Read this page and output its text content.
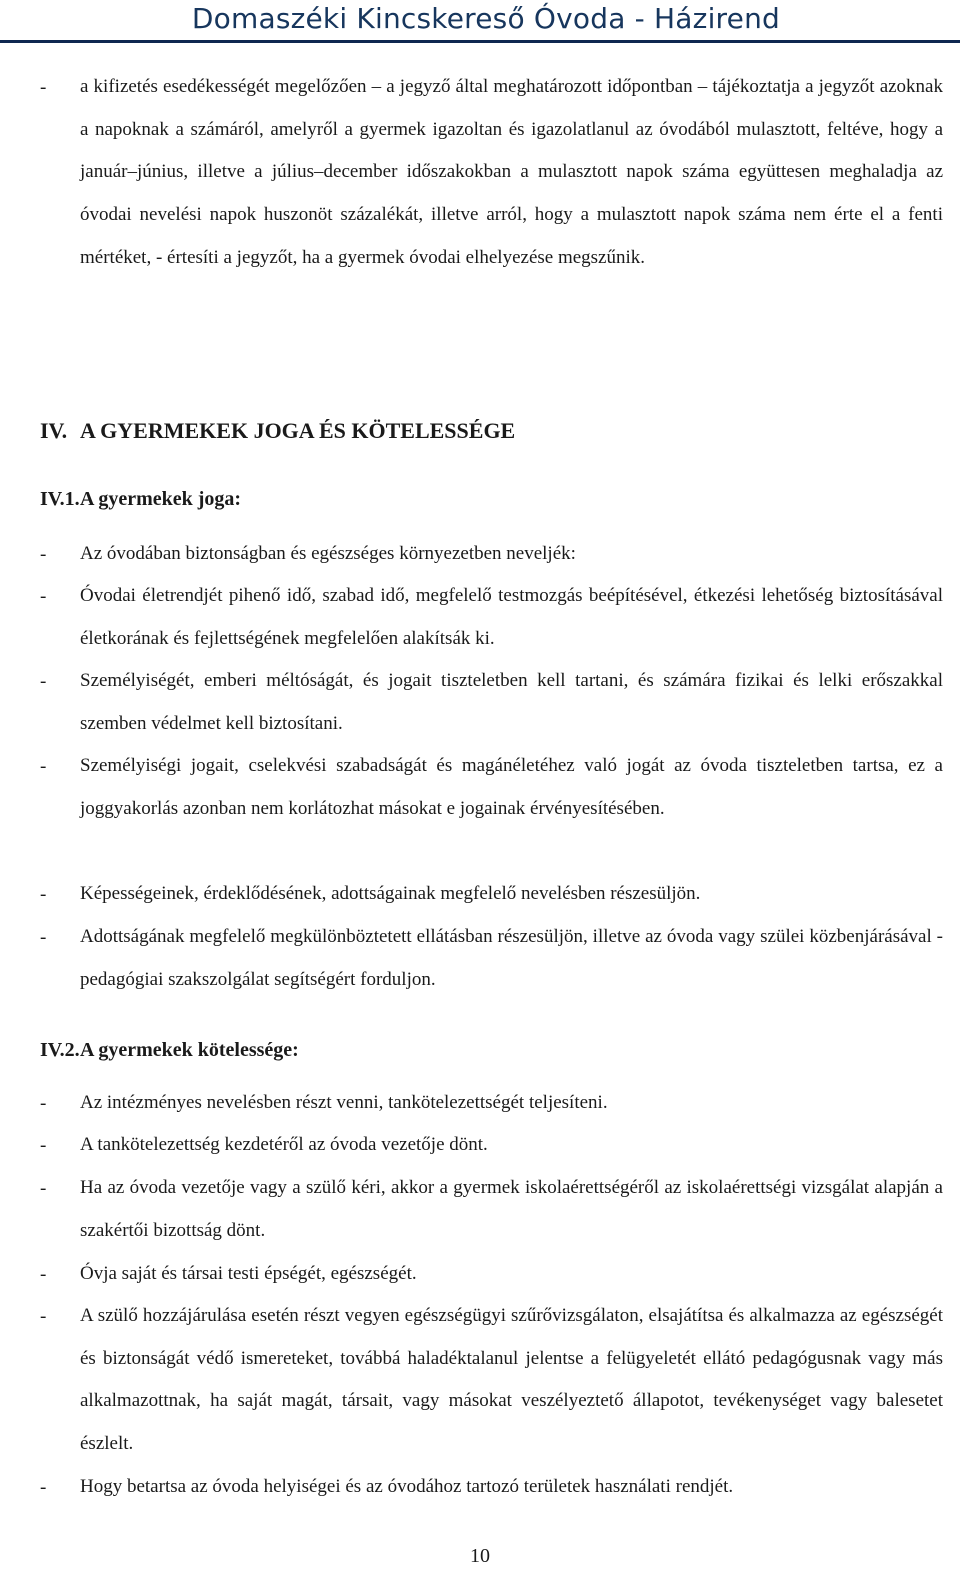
Domaszéki Kincskereső Óvoda - Házirend
- a kifizetés esedékességét megelőzően – a jegyző által meghatározott időpontban – tájékoztatja a jegyzőt azoknak a napoknak a számáról, amelyről a gyermek igazoltan és igazolatlanul az óvodából mulasztott, feltéve, hogy a január–június, illetve a július–december időszakokban a mulasztott napok száma együttesen meghaladja az óvodai nevelési napok huszonöt százalékát, illetve arról, hogy a mulasztott napok száma nem érte el a fenti mértéket, - értesíti a jegyzőt, ha a gyermek óvodai elhelyezése megszűnik.
IV. A GYERMEKEK JOGA ÉS KÖTELESSÉGE
IV.1. A gyermekek joga:
- Az óvodában biztonságban és egészséges környezetben neveljék:
- Óvodai életrendjét pihenő idő, szabad idő, megfelelő testmozgás beépítésével, étkezési lehetőség biztosításával életkorának és fejlettségének megfelelően alakítsák ki.
- Személyiségét, emberi méltóságát, és jogait tiszteletben kell tartani, és számára fizikai és lelki erőszakkal szemben védelmet kell biztosítani.
- Személyiségi jogait, cselekvési szabadságát és magánéletéhez való jogát az óvoda tiszteletben tartsa, ez a joggyakorlás azonban nem korlátozhat másokat e jogainak érvényesítésében.
- Képességeinek, érdeklődésének, adottságainak megfelelő nevelésben részesüljön.
- Adottságának megfelelő megkülönböztetett ellátásban részesüljön, illetve az óvoda vagy szülei közbenjárásával - pedagógiai szakszolgálat segítségért forduljon.
IV.2. A gyermekek kötelessége:
- Az intézményes nevelésben részt venni, tankötelezettségét teljesíteni.
- A tankötelezettség kezdetéről az óvoda vezetője dönt.
- Ha az óvoda vezetője vagy a szülő kéri, akkor a gyermek iskolaérettségéről az iskolaérettségi vizsgálat alapján a szakértői bizottság dönt.
- Óvja saját és társai testi épségét, egészségét.
- A szülő hozzájárulása esetén részt vegyen egészségügyi szűrővizsgálaton, elsajátítsa és alkalmazza az egészségét és biztonságát védő ismereteket, továbbá haladéktalanul jelentse a felügyeletét ellátó pedagógusnak vagy más alkalmazottnak, ha saját magát, társait, vagy másokat veszélyeztető állapotot, tevékenységet vagy balesetet észlelt.
- Hogy betartsa az óvoda helyiségei és az óvodához tartozó területek használati rendjét.
10
